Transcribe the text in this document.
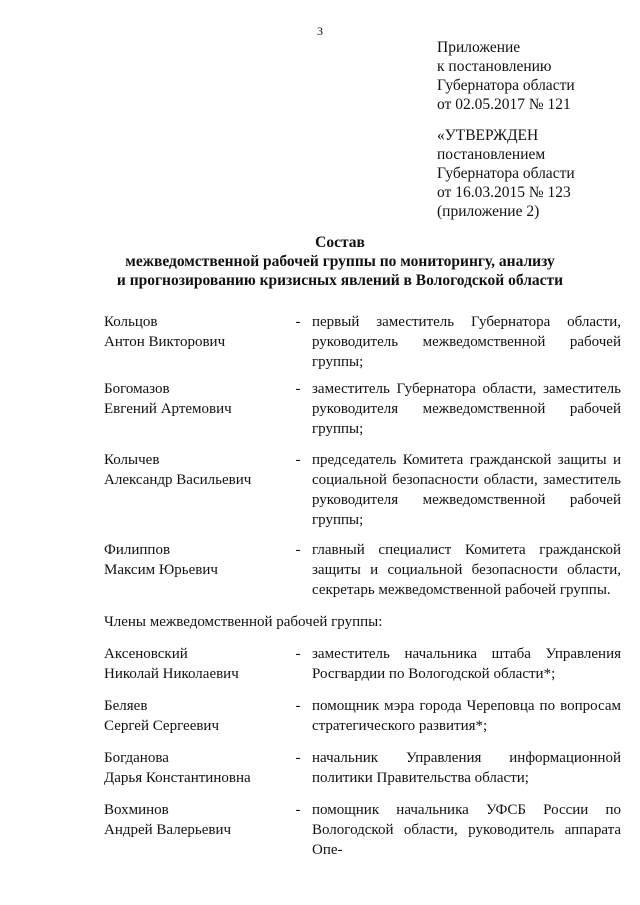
3
Приложение
к постановлению
Губернатора области
от 02.05.2017 № 121
«УТВЕРЖДЕН
постановлением
Губернатора области
от 16.03.2015 № 123
(приложение 2)
Состав
межведомственной рабочей группы по мониторингу, анализу
и прогнозированию кризисных явлений в Вологодской области
Кольцов
Антон Викторович
- первый заместитель Губернатора области, руководитель межведомственной рабочей группы;
Богомазов
Евгений Артемович
- заместитель Губернатора области, заместитель руководителя межведомственной рабочей группы;
Колычев
Александр Васильевич
- председатель Комитета гражданской защиты и социальной безопасности области, заместитель руководителя межведомственной рабочей группы;
Филиппов
Максим Юрьевич
- главный специалист Комитета гражданской защиты и социальной безопасности области, секретарь межведомственной рабочей группы.
Члены межведомственной рабочей группы:
Аксеновский
Николай Николаевич
- заместитель начальника штаба Управления Росгвардии по Вологодской области*;
Беляев
Сергей Сергеевич
- помощник мэра города Череповца по вопросам стратегического развития*;
Богданова
Дарья Константиновна
- начальник Управления информационной политики Правительства области;
Вохминов
Андрей Валерьевич
- помощник начальника УФСБ России по Вологодской области, руководитель аппарата Опе-
